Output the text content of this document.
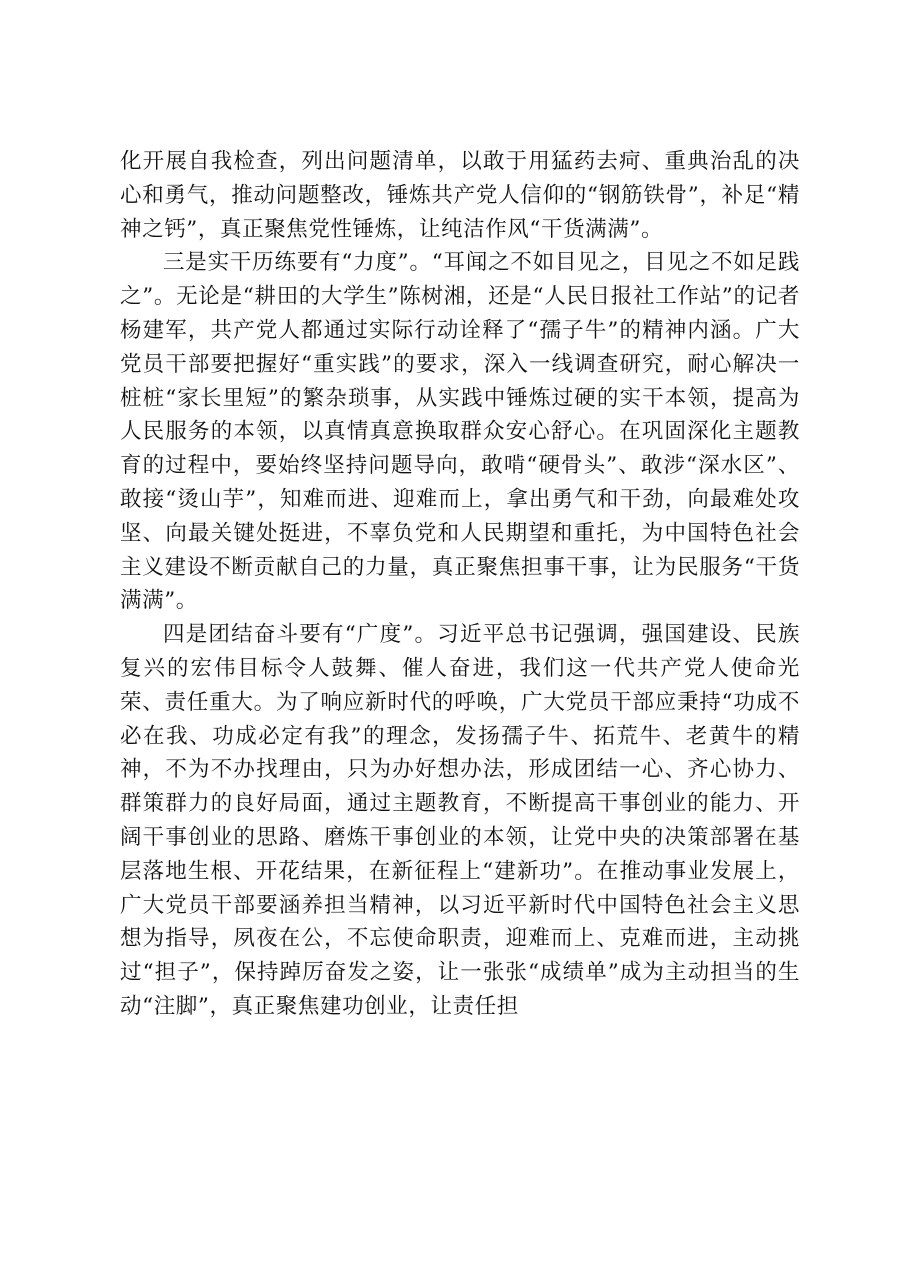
化开展自我检查，列出问题清单，以敢于用猛药去疴、重典治乱的决心和勇气，推动问题整改，锤炼共产党人信仰的“钢筋铁骨”，补足“精神之钙”，真正聚焦党性锤炼，让纯洁作风“干货满满”。

三是实干历练要有“力度”。“耳闻之不如目见之，目见之不如足践之”。无论是“耕田的大学生”陈树湘，还是“人民日报社工作站”的记者杨建军，共产党人都通过实际行动诠释了“孺子牛”的精神内涵。广大党员干部要把握好“重实践”的要求，深入一线调查研究，耐心解决一桩桩“家长里短”的繁杂琐事，从实践中锤炼过硬的实干本领，提高为人民服务的本领，以真情真意换取群众安心舒心。在巩固深化主题教育的过程中，要始终坚持问题导向，敢啃“硬骨头”、敢涉“深水区”、敢接“烫山芋”，知难而进、迎难而上，拿出勇气和干劲，向最难处攻坚、向最关键处挺进，不辜负党和人民期望和重托，为中国特色社会主义建设不断贡献自己的力量，真正聚焦担事干事，让为民服务“干货满满”。

四是团结奋斗要有“广度”。习近平总书记强调，强国建设、民族复兴的宏伟目标令人鼓舞、催人奋进，我们这一代共产党人使命光荣、责任重大。为了响应新时代的呼唤，广大党员干部应秉持“功成不必在我、功成必定有我”的理念，发扬孺子牛、拓荒牛、老黄牛的精神，不为不办找理由，只为办好想办法，形成团结一心、齐心协力、群策群力的良好局面，通过主题教育，不断提高干事创业的能力、开阔干事创业的思路、磨炼干事创业的本领，让党中央的决策部署在基层落地生根、开花结果，在新征程上“建新功”。在推动事业发展上，广大党员干部要涵养担当精神，以习近平新时代中国特色社会主义思想为指导，夙夜在公，不忘使命职责，迎难而上、克难而进，主动挑过“担子”，保持踔厉奋发之姿，让一张张“成绩单”成为主动担当的生动“注脚”，真正聚焦建功创业，让责任担
